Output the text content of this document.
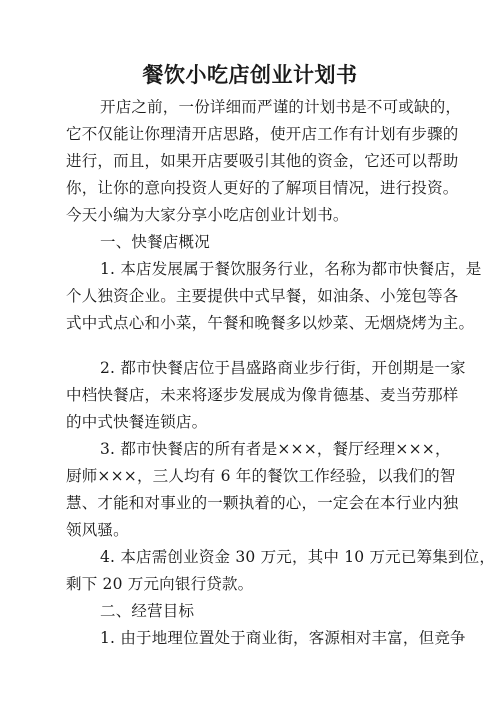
餐饮小吃店创业计划书
开店之前，一份详细而严谨的计划书是不可或缺的，
它不仅能让你理清开店思路，使开店工作有计划有步骤的
进行，而且，如果开店要吸引其他的资金，它还可以帮助
你，让你的意向投资人更好的了解项目情况，进行投资。
今天小编为大家分享小吃店创业计划书。
一、快餐店概况
1. 本店发展属于餐饮服务行业，名称为都市快餐店，是
个人独资企业。主要提供中式早餐，如油条、小笼包等各
式中式点心和小菜，午餐和晚餐多以炒菜、无烟烧烤为主。
2. 都市快餐店位于昌盛路商业步行街，开创期是一家
中档快餐店，未来将逐步发展成为像肯德基、麦当劳那样
的中式快餐连锁店。
3. 都市快餐店的所有者是×××，餐厅经理×××，
厨师×××，三人均有 6 年的餐饮工作经验，以我们的智
慧、才能和对事业的一颗执着的心，一定会在本行业内独
领风骚。
4. 本店需创业资金 30 万元，其中 10 万元已筹集到位，
剩下 20 万元向银行贷款。
二、经营目标
1. 由于地理位置处于商业街，客源相对丰富，但竞争
